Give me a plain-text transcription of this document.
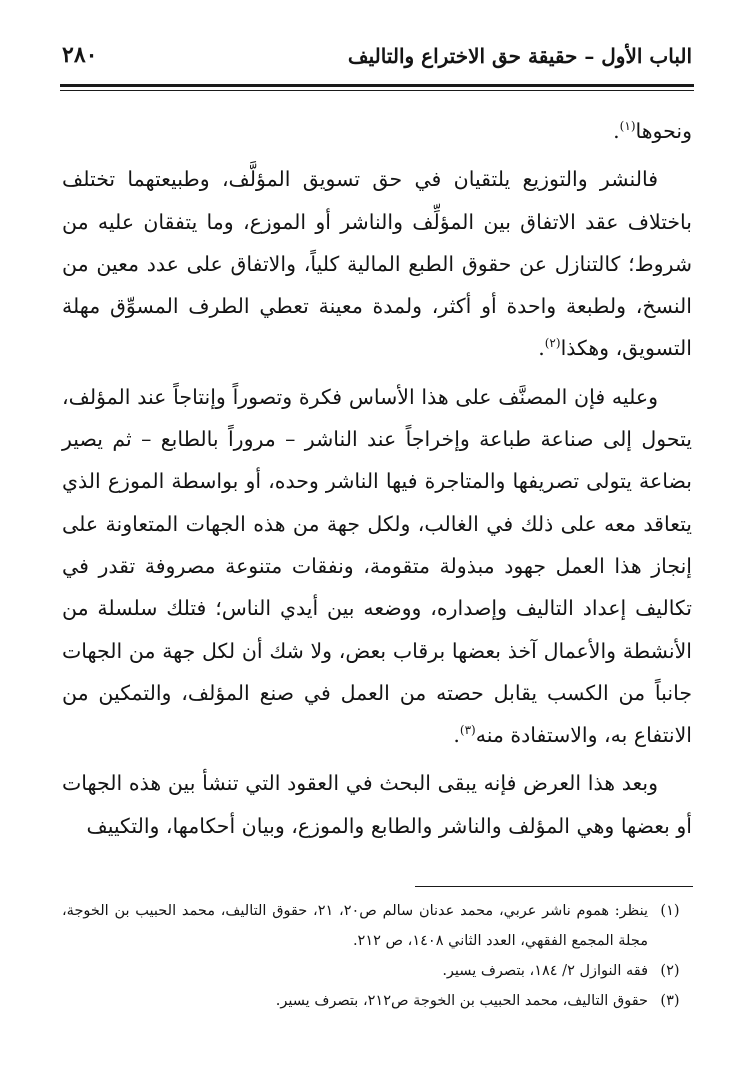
الباب الأول – حقيقة حق الاختراع والتاليف
٢٨٠

ونحوها$^{(١)}$.

فالنشر والتوزيع يلتقيان في حق تسويق المؤلَّف، وطبيعتهما تختلف باختلاف عقد الاتفاق بين المؤلِّف والناشر أو الموزع، وما يتفقان عليه من شروط؛ كالتنازل عن حقوق الطبع المالية كلياً، والاتفاق على عدد معين من النسخ، ولطبعة واحدة أو أكثر، ولمدة معينة تعطي الطرف المسوِّق مهلة التسويق، وهكذا$^{(٢)}$.

وعليه فإن المصنَّف على هذا الأساس فكرة وتصوراً وإنتاجاً عند المؤلف، يتحول إلى صناعة طباعة وإخراجاً عند الناشر – مروراً بالطابع – ثم يصير بضاعة يتولى تصريفها والمتاجرة فيها الناشر وحده، أو بواسطة الموزع الذي يتعاقد معه على ذلك في الغالب، ولكل جهة من هذه الجهات المتعاونة على إنجاز هذا العمل جهود مبذولة متقومة، ونفقات متنوعة مصروفة تقدر في تكاليف إعداد التاليف وإصداره، ووضعه بين أيدي الناس؛ فتلك سلسلة من الأنشطة والأعمال آخذ بعضها برقاب بعض، ولا شك أن لكل جهة من الجهات جانباً من الكسب يقابل حصته من العمل في صنع المؤلف، والتمكين من الانتفاع به، والاستفادة منه$^{(٣)}$.

وبعد هذا العرض فإنه يبقى البحث في العقود التي تنشأ بين هذه الجهات أو بعضها وهي المؤلف والناشر والطابع والموزع، وبيان أحكامها، والتكييف

(١)
ينظر: هموم ناشر عربي، محمد عدنان سالم ص٢٠، ٢١، حقوق التاليف، محمد الحبيب بن الخوجة، مجلة المجمع الفقهي، العدد الثاني ١٤٠٨، ص ٢١٢.
(٢)
فقه النوازل ٢/ ١٨٤، بتصرف يسير.
(٣)
حقوق التاليف، محمد الحبيب بن الخوجة ص٢١٢، بتصرف يسير.
